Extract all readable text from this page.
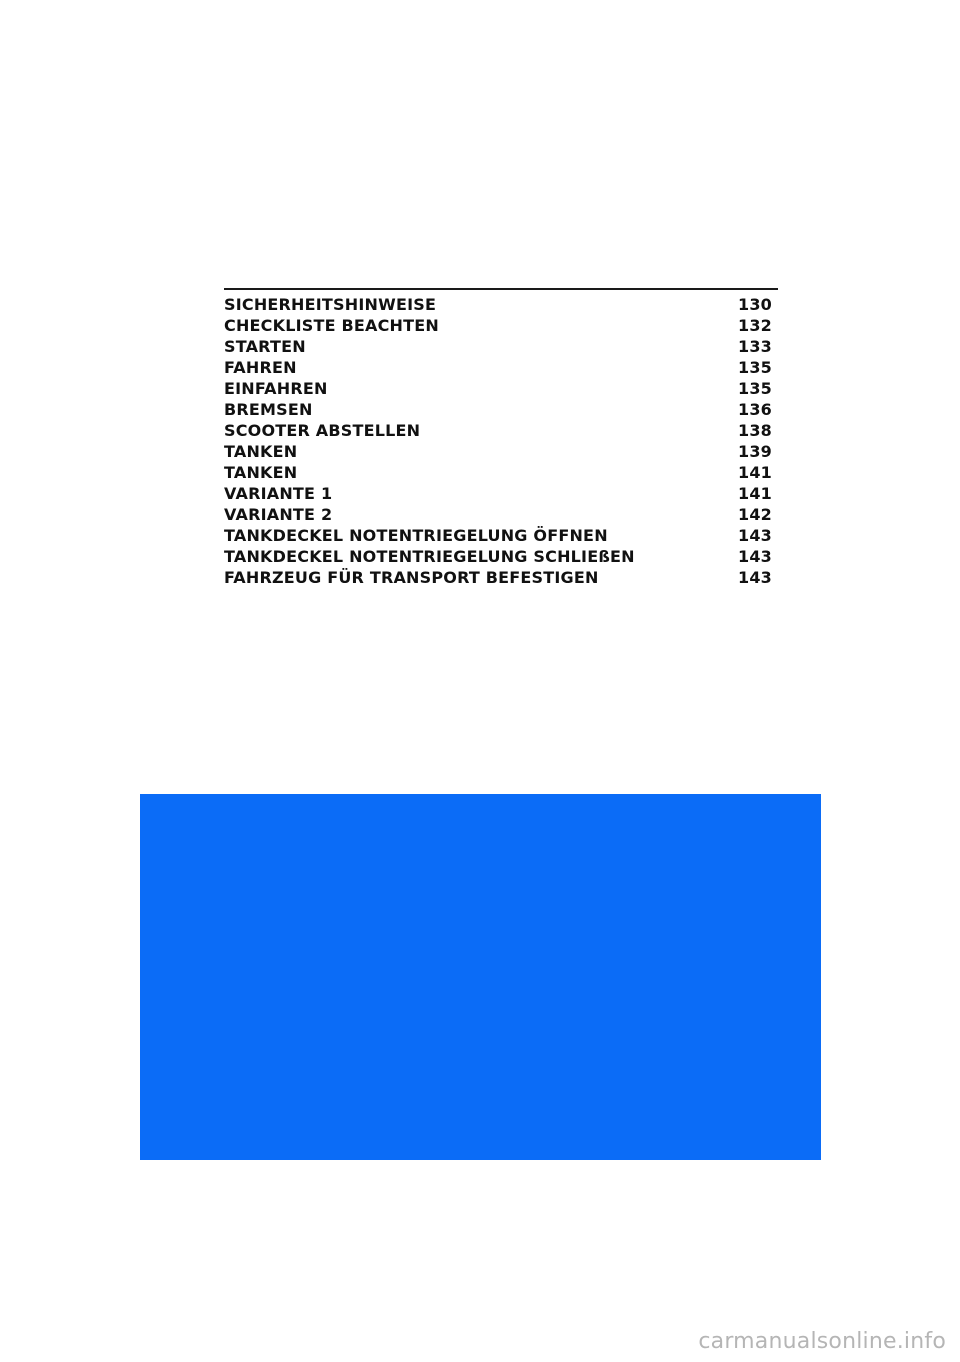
SICHERHEITSHINWEISE	130
CHECKLISTE BEACHTEN	132
STARTEN	133
FAHREN	135
EINFAHREN	135
BREMSEN	136
SCOOTER ABSTELLEN	138
TANKEN	139
TANKEN	141
VARIANTE 1	141
VARIANTE 2	142
TANKDECKEL NOTENTRIEGELUNG ÖFFNEN	143
TANKDECKEL NOTENTRIEGELUNG SCHLIEßEN	143
FAHRZEUG FÜR TRANSPORT BEFESTIGEN	143
carmanualsonline.info
